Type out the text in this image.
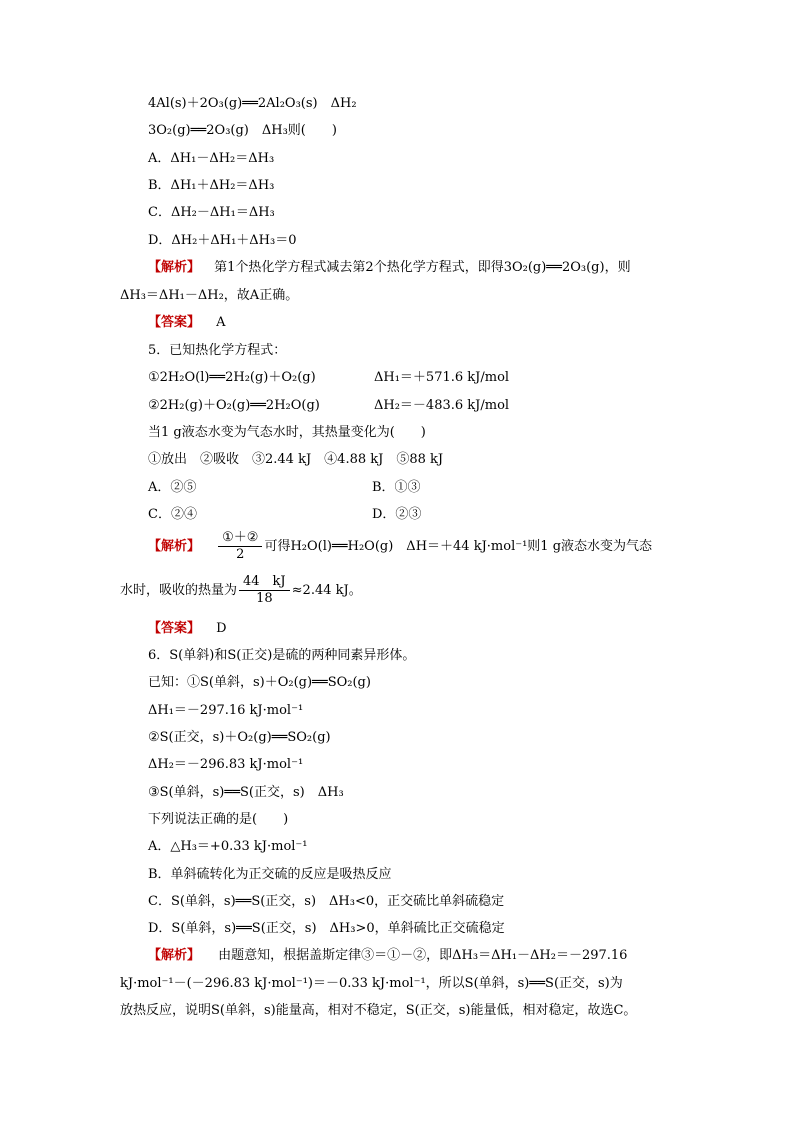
4Al(s)＋2O₃(g)══2Al₂O₃(s)　ΔH₂
3O₂(g)══2O₃(g)　ΔH₃则(　　)
A．ΔH₁－ΔH₂＝ΔH₃
B．ΔH₁＋ΔH₂＝ΔH₃
C．ΔH₂－ΔH₁＝ΔH₃
D．ΔH₂＋ΔH₁＋ΔH₃＝0
【解析】 第1个热化学方程式减去第2个热化学方程式，即得3O₂(g)══2O₃(g)，则
ΔH₃＝ΔH₁－ΔH₂，故A正确。
【答案】 A
5．已知热化学方程式：
①2H₂O(l)══2H₂(g)＋O₂(g)	ΔH₁＝＋571.6 kJ/mol
②2H₂(g)＋O₂(g)══2H₂O(g)	ΔH₂＝－483.6 kJ/mol
当1 g液态水变为气态水时，其热量变化为(　　)
①放出　②吸收　③2.44 kJ　④4.88 kJ　⑤88 kJ
A．②⑤	B．①③
C．②④	D．②③
【解析】 $\frac{\text{①＋②}}{2}$ 可得H₂O(l)══H₂O(g)　ΔH＝＋44 kJ·mol⁻¹则1 g液态水变为气态
水时，吸收的热量为 $\frac{44 kJ}{18} \approx 2.44$ kJ。
【答案】 D
6．S(单斜)和S(正交)是硫的两种同素异形体。
已知：①S(单斜，s)＋O₂(g)══SO₂(g)
ΔH₁＝－297.16 kJ·mol⁻¹
②S(正交，s)＋O₂(g)══SO₂(g)
ΔH₂＝－296.83 kJ·mol⁻¹
③S(单斜，s)══S(正交，s)　ΔH₃
下列说法正确的是(　　)
A．△H₃＝+0.33 kJ·mol⁻¹
B．单斜硫转化为正交硫的反应是吸热反应
C．S(单斜，s)══S(正交，s)　ΔH₃<0，正交硫比单斜硫稳定
D．S(单斜，s)══S(正交，s)　ΔH₃>0，单斜硫比正交硫稳定
【解析】 由题意知，根据盖斯定律③＝①－②，即ΔH₃＝ΔH₁－ΔH₂＝－297.16
kJ·mol⁻¹－(－296.83 kJ·mol⁻¹)＝－0.33 kJ·mol⁻¹，所以S(单斜，s)══S(正交，s)为
放热反应，说明S(单斜，s)能量高，相对不稳定，S(正交，s)能量低，相对稳定，故选C。
